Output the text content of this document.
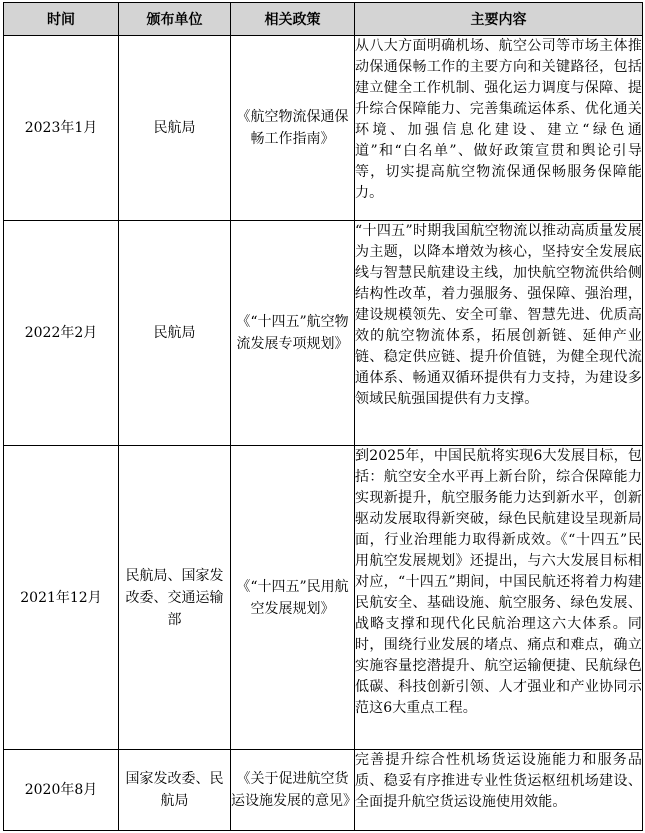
时间	颁布单位	相关政策	主要内容
2023年1月	民航局	《航空物流保通保畅工作指南》	从八大方面明确机场、航空公司等市场主体推动保通保畅工作的主要方向和关键路径，包括建立健全工作机制、强化运力调度与保障、提升综合保障能力、完善集疏运体系、优化通关环境、加强信息化建设、建立“绿色通道”和“白名单”、做好政策宣贯和舆论引导等，切实提高航空物流保通保畅服务保障能力。
2022年2月	民航局	《“十四五”航空物流发展专项规划》	“十四五”时期我国航空物流以推动高质量发展为主题，以降本增效为核心，坚持安全发展底线与智慧民航建设主线，加快航空物流供给侧结构性改革，着力强服务、强保障、强治理，建设规模领先、安全可靠、智慧先进、优质高效的航空物流体系，拓展创新链、延伸产业链、稳定供应链、提升价值链，为健全现代流通体系、畅通双循环提供有力支持，为建设多领域民航强国提供有力支撑。
2021年12月	民航局、国家发改委、交通运输部	《“十四五”民用航空发展规划》	到2025年，中国民航将实现6大发展目标，包括：航空安全水平再上新台阶，综合保障能力实现新提升，航空服务能力达到新水平，创新驱动发展取得新突破，绿色民航建设呈现新局面，行业治理能力取得新成效。《“十四五”民用航空发展规划》还提出，与六大发展目标相对应，“十四五”期间，中国民航还将着力构建民航安全、基础设施、航空服务、绿色发展、战略支撑和现代化民航治理这六大体系。同时，围绕行业发展的堵点、痛点和难点，确立实施容量挖潜提升、航空运输便捷、民航绿色低碳、科技创新引领、人才强业和产业协同示范这6大重点工程。
2020年8月	国家发改委、民航局	《关于促进航空货运设施发展的意见》	完善提升综合性机场货运设施能力和服务品质、稳妥有序推进专业性货运枢纽机场建设、全面提升航空货运设施使用效能。
